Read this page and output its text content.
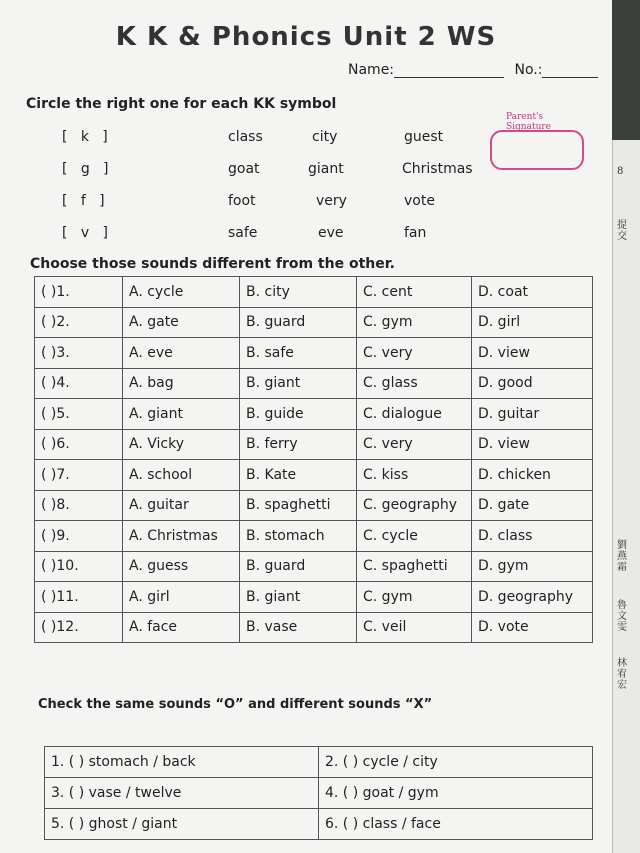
K K & Phonics Unit 2 WS
Name:	No.:
Circle the right one for each KK symbol
[   k   ]	class	city	guest
[   g   ]	goat	giant	Christmas
[   f   ]	foot	very	vote
[   v   ]	safe	eve	fan
Parent's Signature
Choose those sounds different from the other.
( )1.	A. cycle	B. city	C. cent	D. coat
( )2.	A. gate	B. guard	C. gym	D. girl
( )3.	A. eve	B. safe	C. very	D. view
( )4.	A. bag	B. giant	C. glass	D. good
( )5.	A. giant	B. guide	C. dialogue	D. guitar
( )6.	A. Vicky	B. ferry	C. very	D. view
( )7.	A. school	B. Kate	C. kiss	D. chicken
( )8.	A. guitar	B. spaghetti	C. geography	D. gate
( )9.	A. Christmas	B. stomach	C. cycle	D. class
( )10.	A. guess	B. guard	C. spaghetti	D. gym
( )11.	A. girl	B. giant	C. gym	D. geography
( )12.	A. face	B. vase	C. veil	D. vote
Check the same sounds “O” and different sounds “X”
1. ( ) stomach / back	2. ( ) cycle / city
3. ( ) vase / twelve	4. ( ) goat / gym
5. ( ) ghost / giant	6. ( ) class / face
8
提交
劉燕霜
魯文雯
林宥宏
